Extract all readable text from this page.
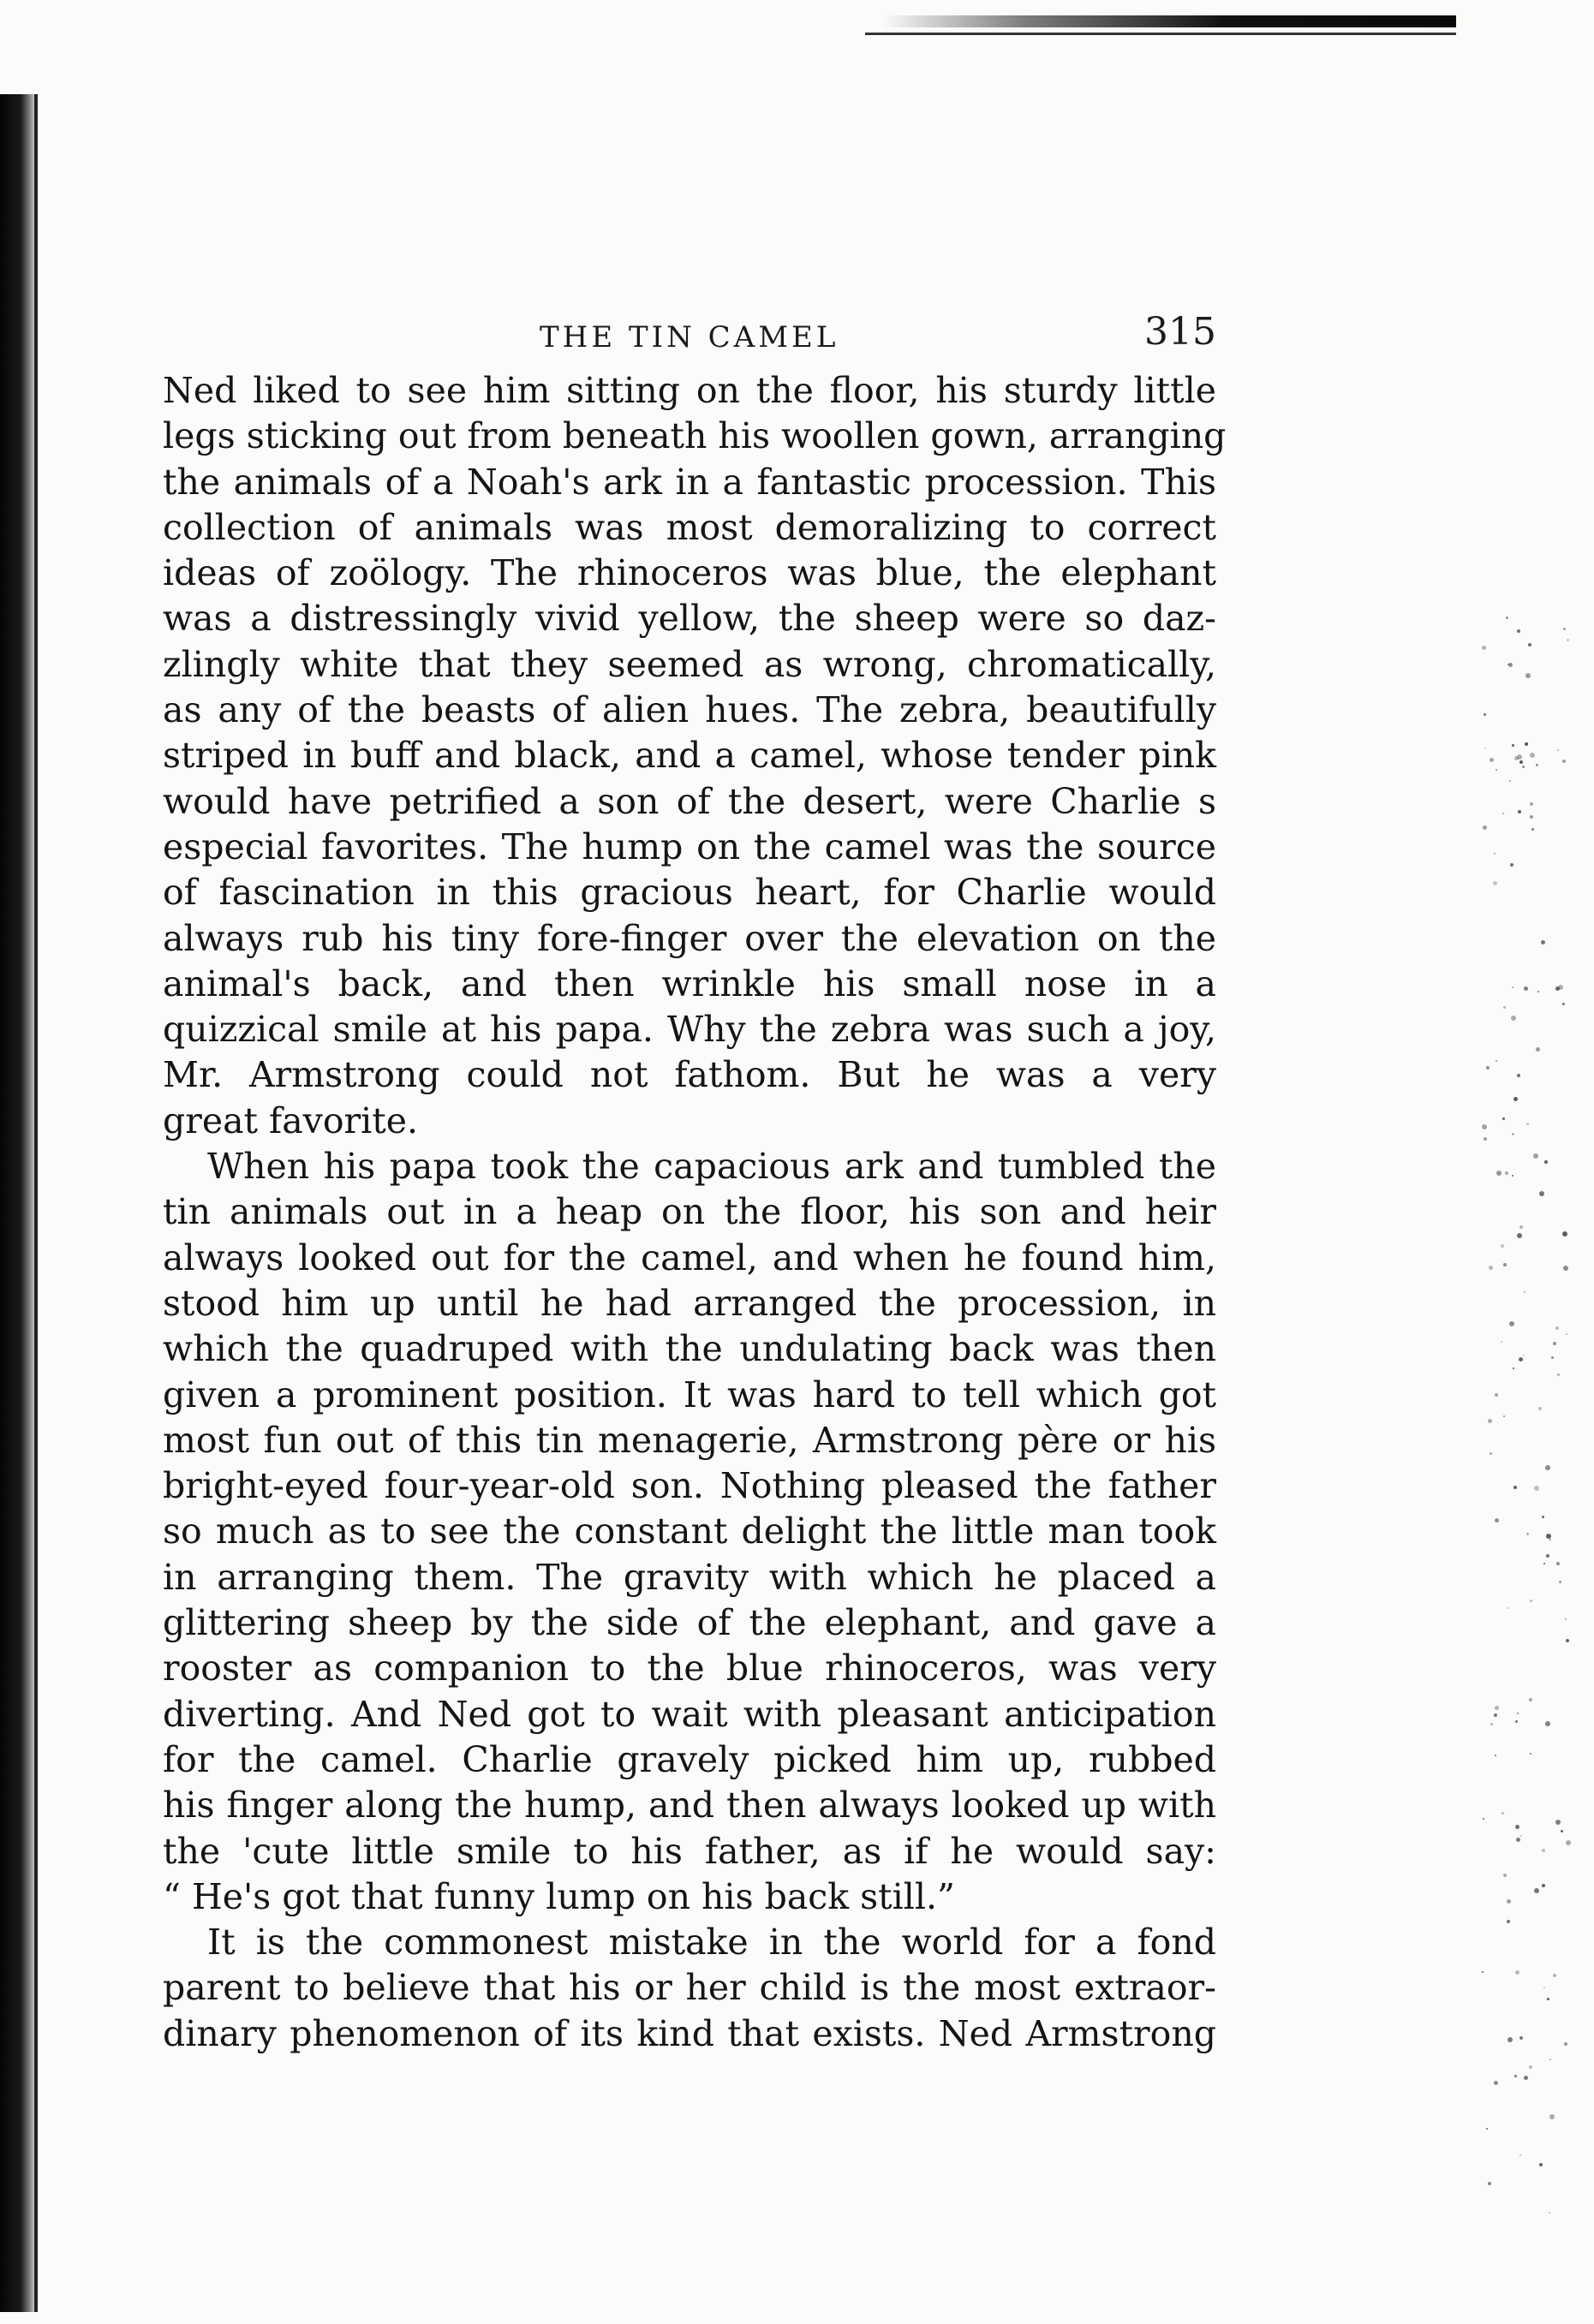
THE TIN CAMEL	315

Ned liked to see him sitting on the floor, his sturdy little
legs sticking out from beneath his woollen gown, arranging
the animals of a Noah's ark in a fantastic procession. This
collection of animals was most demoralizing to correct
ideas of zoölogy. The rhinoceros was blue, the elephant
was a distressingly vivid yellow, the sheep were so daz-
zlingly white that they seemed as wrong, chromatically,
as any of the beasts of alien hues. The zebra, beautifully
striped in buff and black, and a camel, whose tender pink
would have petrified a son of the desert, were Charlie s
especial favorites. The hump on the camel was the source
of fascination in this gracious heart, for Charlie would
always rub his tiny fore-finger over the elevation on the
animal's back, and then wrinkle his small nose in a
quizzical smile at his papa. Why the zebra was such a joy,
Mr. Armstrong could not fathom. But he was a very
great favorite.

When his papa took the capacious ark and tumbled the
tin animals out in a heap on the floor, his son and heir
always looked out for the camel, and when he found him,
stood him up until he had arranged the procession, in
which the quadruped with the undulating back was then
given a prominent position. It was hard to tell which got
most fun out of this tin menagerie, Armstrong père or his
bright-eyed four-year-old son. Nothing pleased the father
so much as to see the constant delight the little man took
in arranging them. The gravity with which he placed a
glittering sheep by the side of the elephant, and gave a
rooster as companion to the blue rhinoceros, was very
diverting. And Ned got to wait with pleasant anticipation
for the camel. Charlie gravely picked him up, rubbed
his finger along the hump, and then always looked up with
the 'cute little smile to his father, as if he would say:
“ He's got that funny lump on his back still.”

It is the commonest mistake in the world for a fond
parent to believe that his or her child is the most extraor-
dinary phenomenon of its kind that exists. Ned Armstrong
